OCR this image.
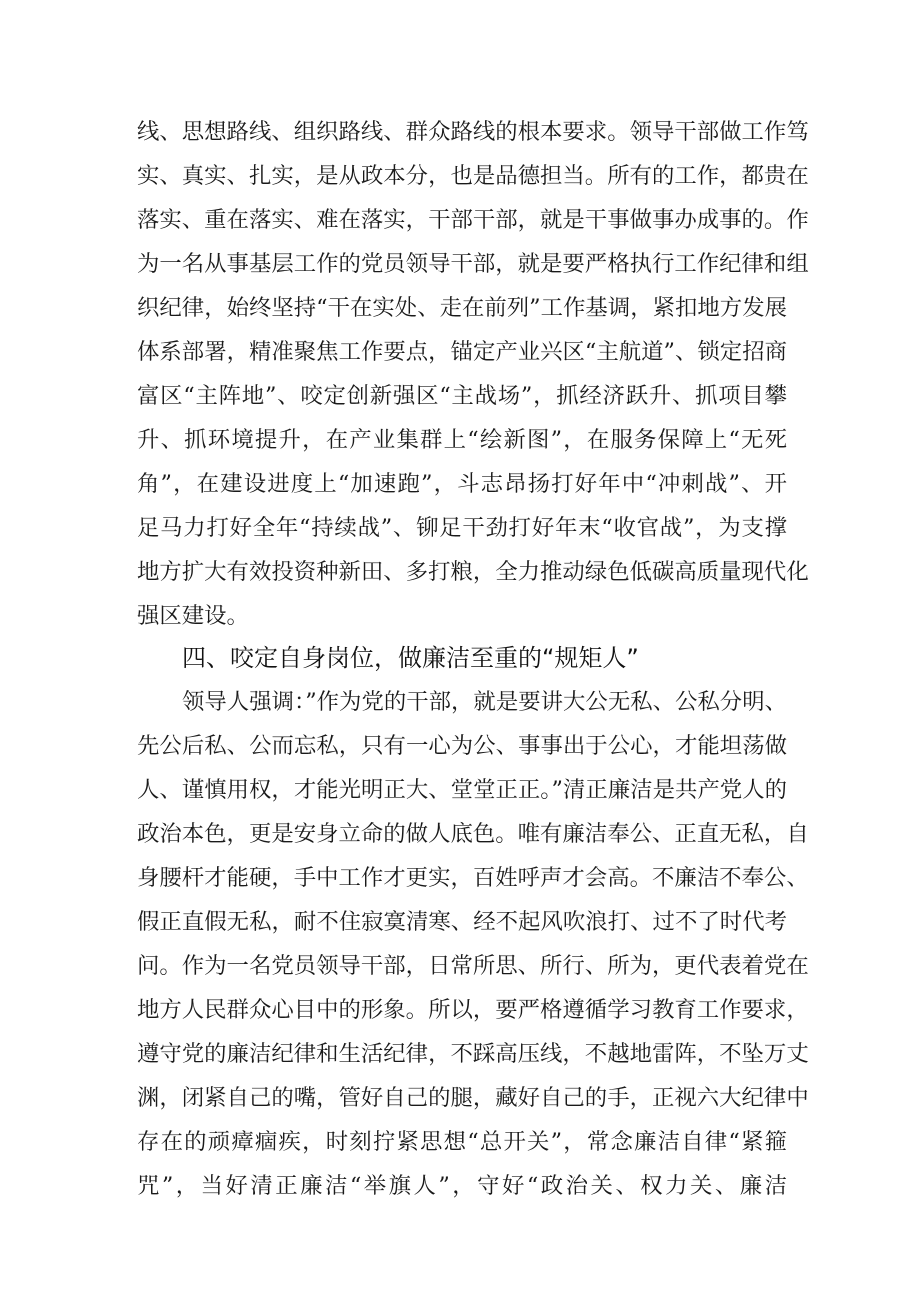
线、思想路线、组织路线、群众路线的根本要求。领导干部做工作笃
实、真实、扎实，是从政本分，也是品德担当。所有的工作，都贵在
落实、重在落实、难在落实，干部干部，就是干事做事办成事的。作
为一名从事基层工作的党员领导干部，就是要严格执行工作纪律和组
织纪律，始终坚持“干在实处、走在前列”工作基调，紧扣地方发展
体系部署，精准聚焦工作要点，锚定产业兴区“主航道”、锁定招商
富区“主阵地”、咬定创新强区“主战场”，抓经济跃升、抓项目攀
升、抓环境提升，在产业集群上“绘新图”，在服务保障上“无死
角”，在建设进度上“加速跑”，斗志昂扬打好年中“冲刺战”、开
足马力打好全年“持续战”、铆足干劲打好年末“收官战”，为支撑
地方扩大有效投资种新田、多打粮，全力推动绿色低碳高质量现代化
强区建设。
四、咬定自身岗位，做廉洁至重的“规矩人”
领导人强调：”作为党的干部，就是要讲大公无私、公私分明、
先公后私、公而忘私，只有一心为公、事事出于公心，才能坦荡做
人、谨慎用权，才能光明正大、堂堂正正。”清正廉洁是共产党人的
政治本色，更是安身立命的做人底色。唯有廉洁奉公、正直无私，自
身腰杆才能硬，手中工作才更实，百姓呼声才会高。不廉洁不奉公、
假正直假无私，耐不住寂寞清寒、经不起风吹浪打、过不了时代考
问。作为一名党员领导干部，日常所思、所行、所为，更代表着党在
地方人民群众心目中的形象。所以，要严格遵循学习教育工作要求，
遵守党的廉洁纪律和生活纪律，不踩高压线，不越地雷阵，不坠万丈
渊，闭紧自己的嘴，管好自己的腿，藏好自己的手，正视六大纪律中
存在的顽瘴痼疾，时刻拧紧思想“总开关”，常念廉洁自律“紧箍
咒”，当好清正廉洁“举旗人”，守好“政治关、权力关、廉洁
